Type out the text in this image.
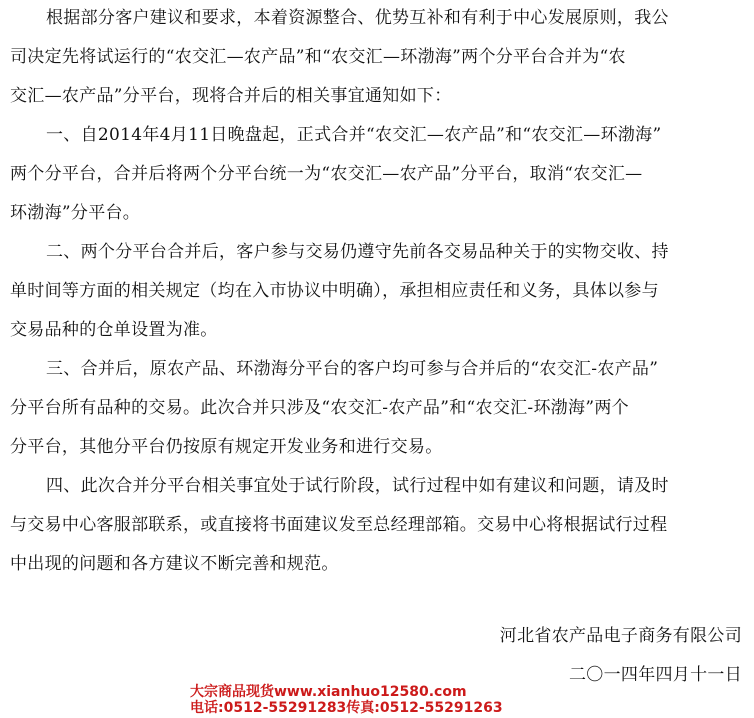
根据部分客户建议和要求，本着资源整合、优势互补和有利于中心发展原则，我公
司决定先将试运行的“农交汇—农产品”和“农交汇—环渤海”两个分平台合并为“农
交汇—农产品”分平台，现将合并后的相关事宜通知如下：
一、自2014年4月11日晚盘起，正式合并“农交汇—农产品”和“农交汇—环渤海”
两个分平台，合并后将两个分平台统一为“农交汇—农产品”分平台，取消“农交汇—
环渤海”分平台。
二、两个分平台合并后，客户参与交易仍遵守先前各交易品种关于的实物交收、持
单时间等方面的相关规定（均在入市协议中明确），承担相应责任和义务，具体以参与
交易品种的仓单设置为准。
三、合并后，原农产品、环渤海分平台的客户均可参与合并后的“农交汇-农产品”
分平台所有品种的交易。此次合并只涉及“农交汇-农产品”和“农交汇-环渤海”两个
分平台，其他分平台仍按原有规定开发业务和进行交易。
四、此次合并分平台相关事宜处于试行阶段，试行过程中如有建议和问题，请及时
与交易中心客服部联系，或直接将书面建议发至总经理部箱。交易中心将根据试行过程
中出现的问题和各方建议不断完善和规范。
河北省农产品电子商务有限公司
二〇一四年四月十一日
大宗商品现货www.xianhuo12580.com
电话:0512-55291283传真:0512-55291263
